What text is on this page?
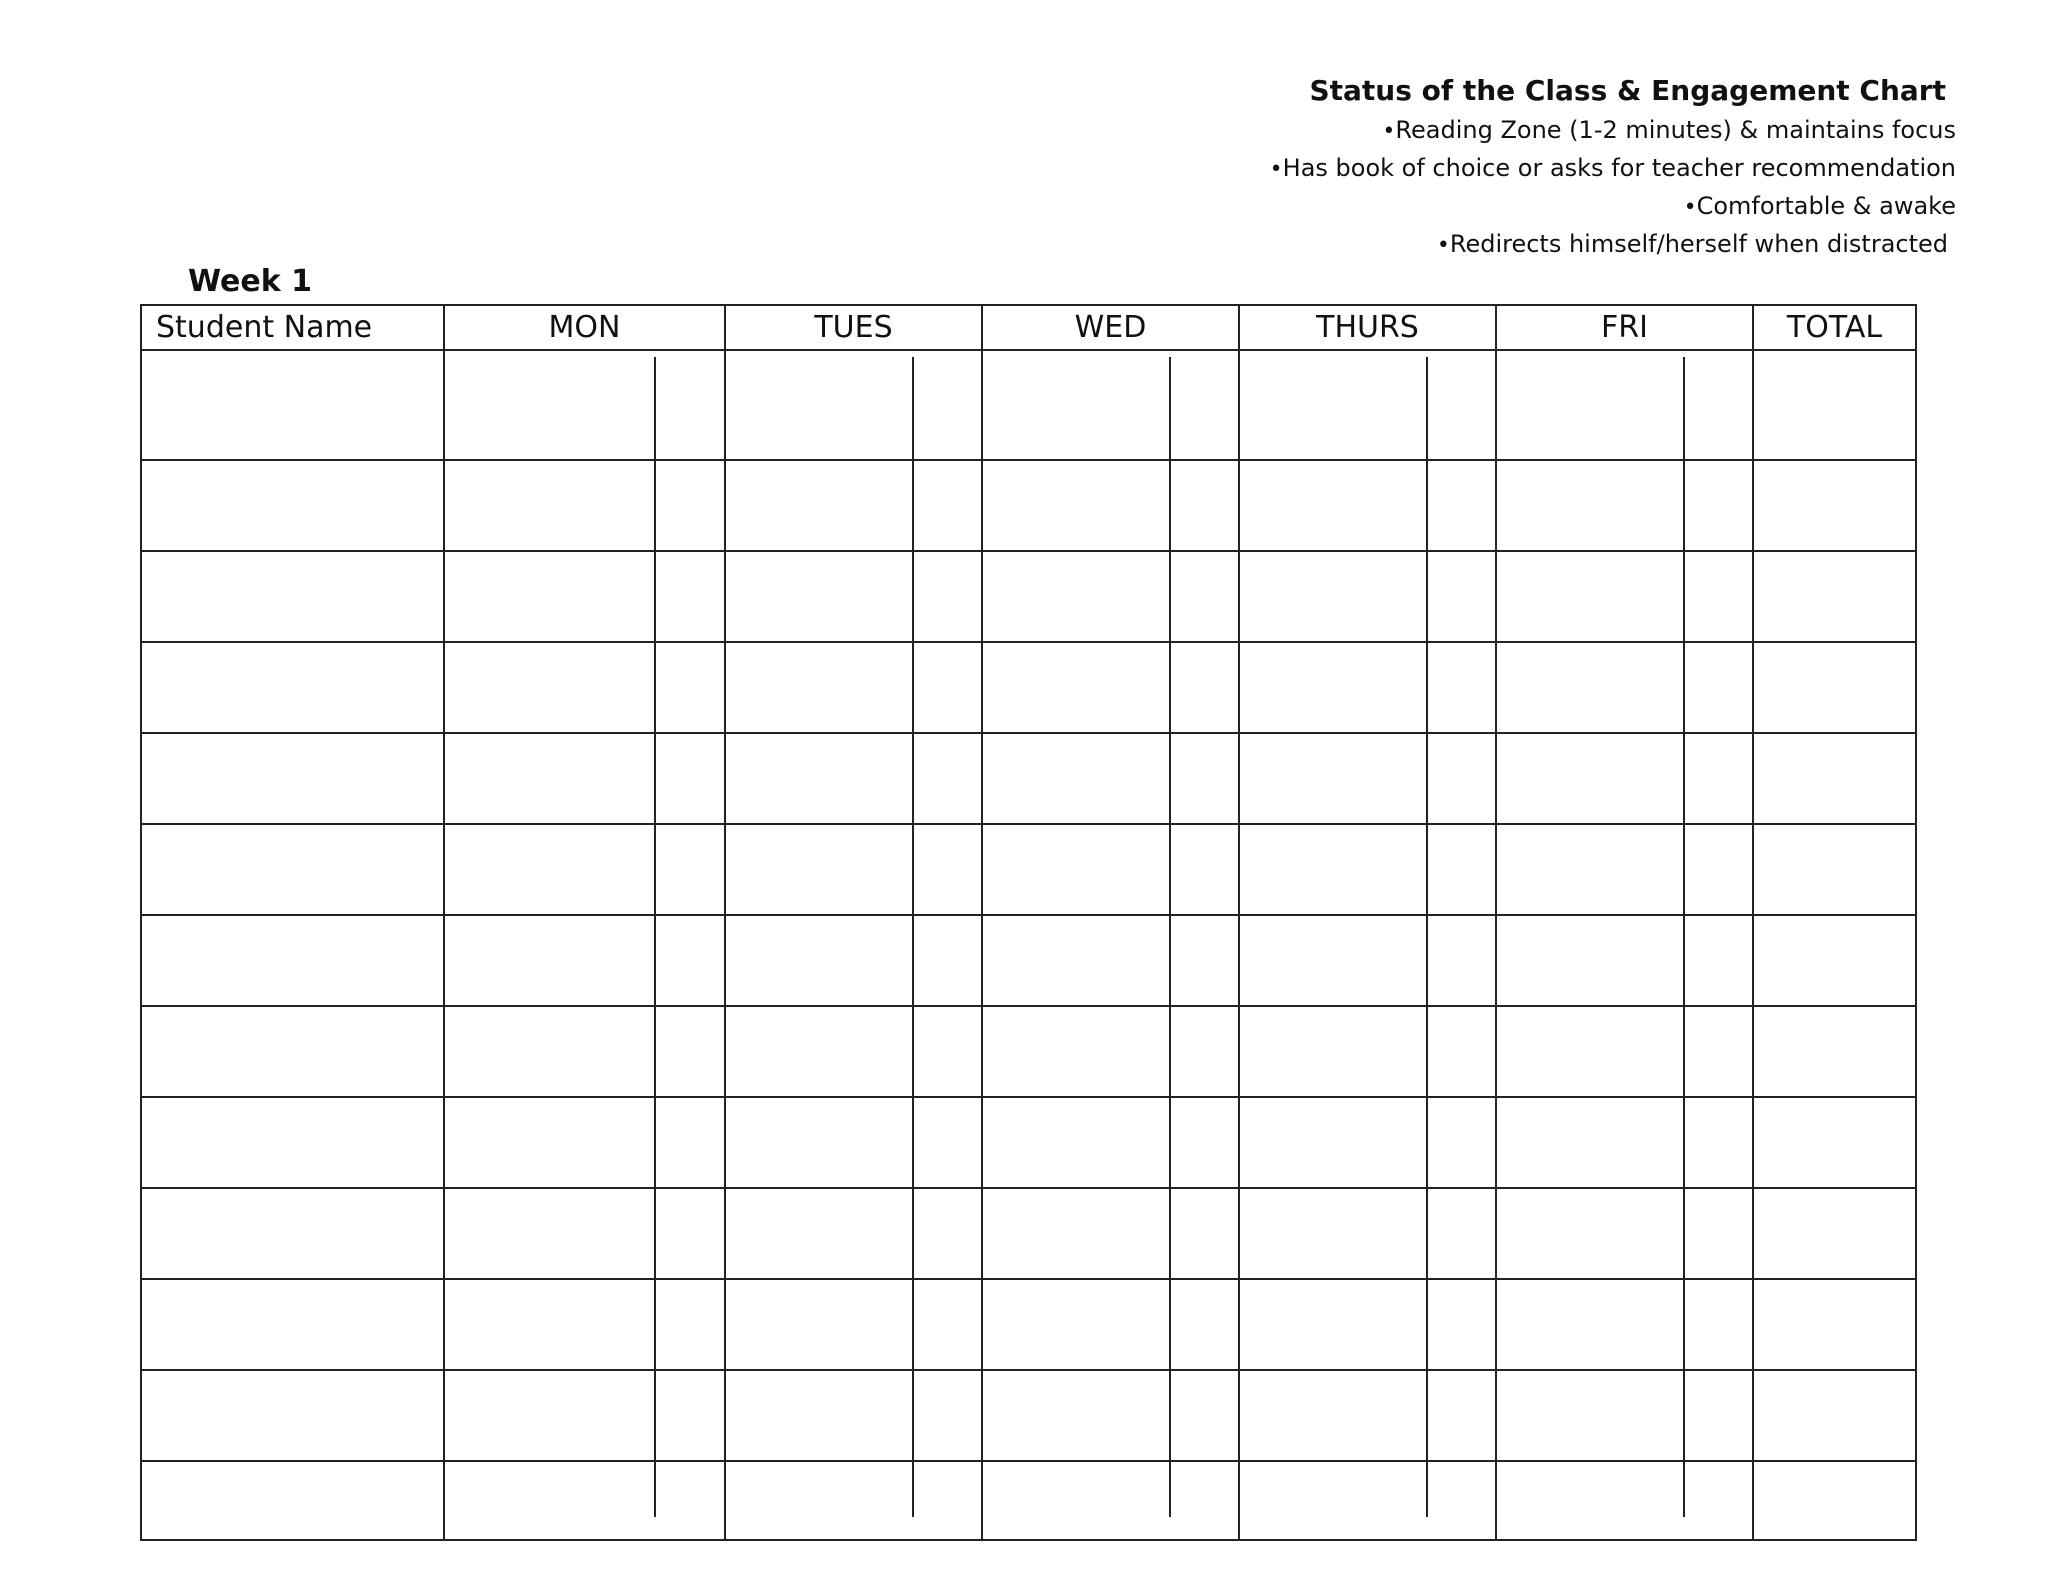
Status of the Class & Engagement Chart
•Reading Zone (1-2 minutes) & maintains focus
•Has book of choice or asks for teacher recommendation
•Comfortable & awake
•Redirects himself/herself when distracted
Week 1
Student Name	MON	TUES	WED	THURS	FRI	TOTAL
